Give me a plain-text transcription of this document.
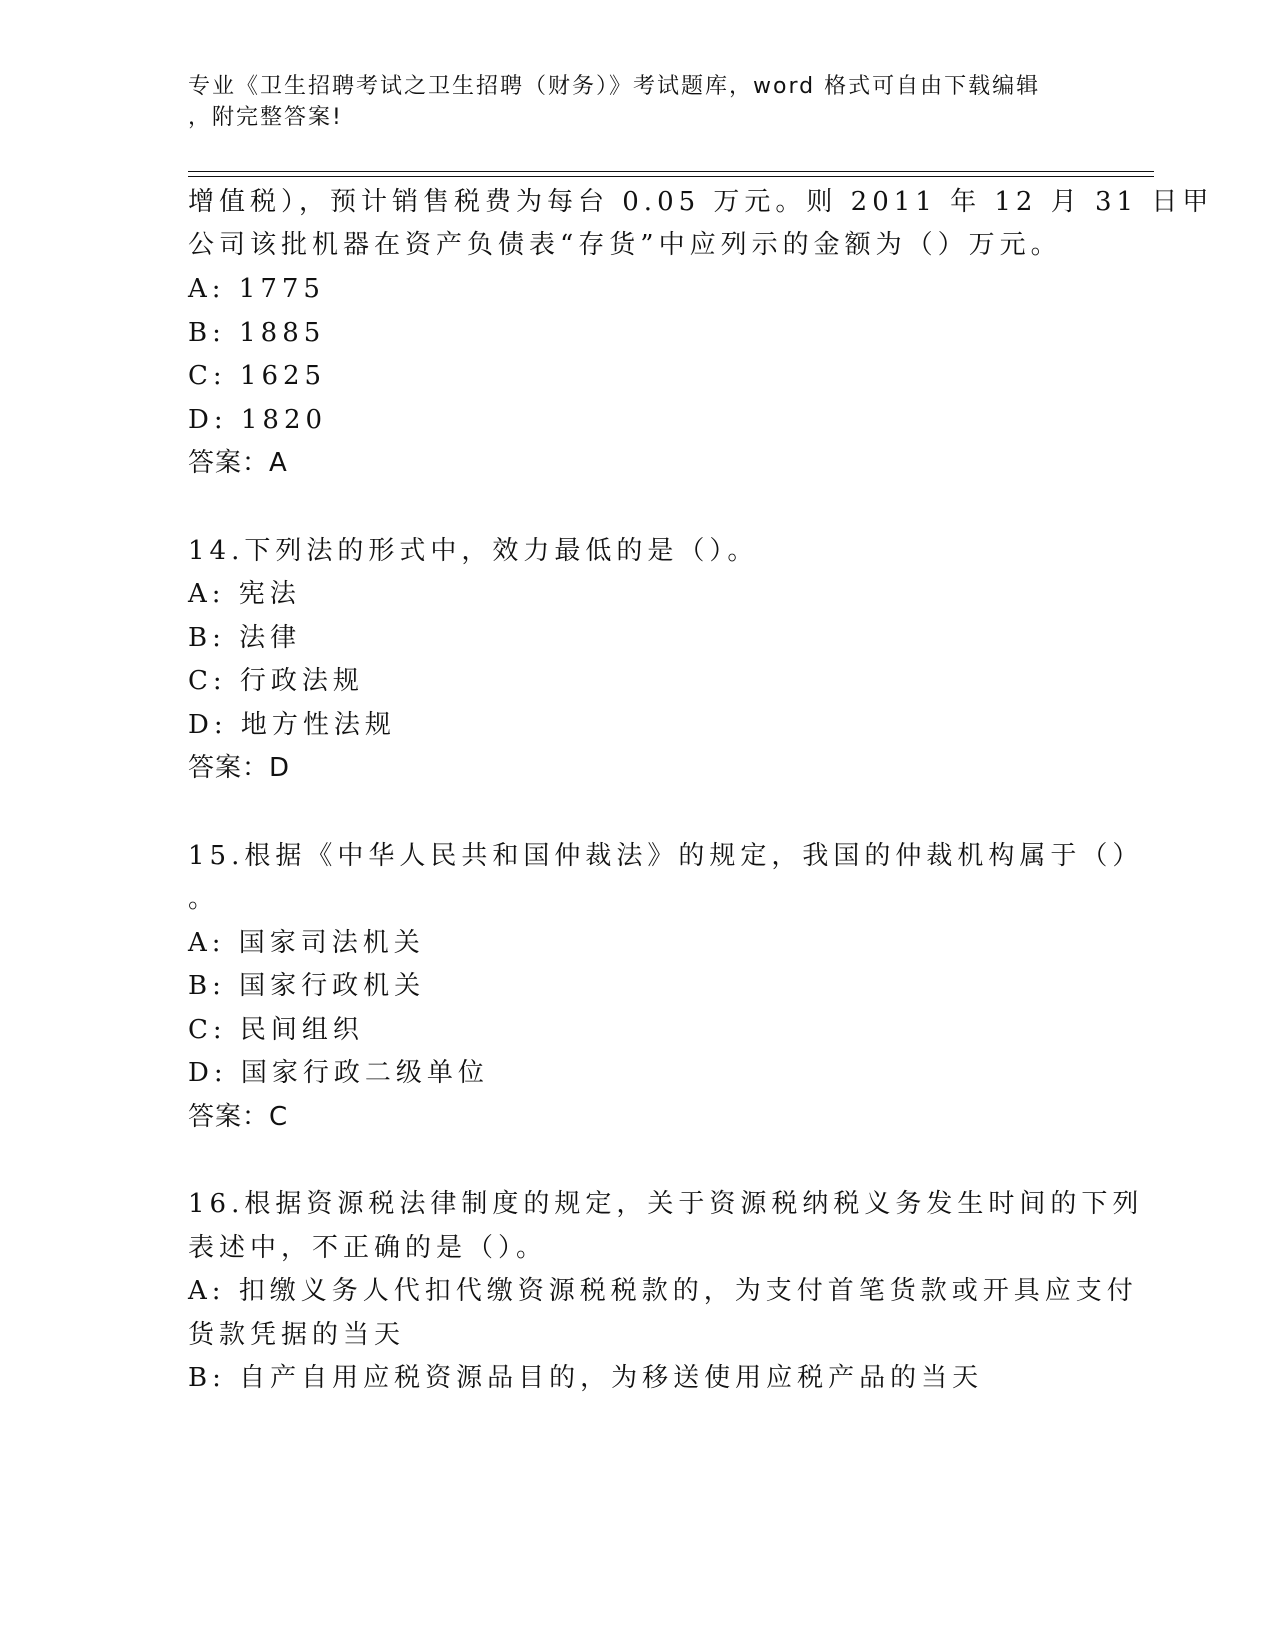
专业《卫生招聘考试之卫生招聘（财务）》考试题库，word 格式可自由下载编辑
，附完整答案!
增值税），预计销售税费为每台 0.05 万元。则 2011 年 12 月 31 日甲
公司该批机器在资产负债表“存货”中应列示的金额为（）万元。
A: 1775
B: 1885
C: 1625
D: 1820
答案：A
14.下列法的形式中，效力最低的是（）。
A: 宪法
B: 法律
C: 行政法规
D: 地方性法规
答案：D
15.根据《中华人民共和国仲裁法》的规定，我国的仲裁机构属于（）
。
A: 国家司法机关
B: 国家行政机关
C: 民间组织
D: 国家行政二级单位
答案：C
16.根据资源税法律制度的规定，关于资源税纳税义务发生时间的下列
表述中，不正确的是（）。
A: 扣缴义务人代扣代缴资源税税款的，为支付首笔货款或开具应支付
货款凭据的当天
B: 自产自用应税资源品目的，为移送使用应税产品的当天
